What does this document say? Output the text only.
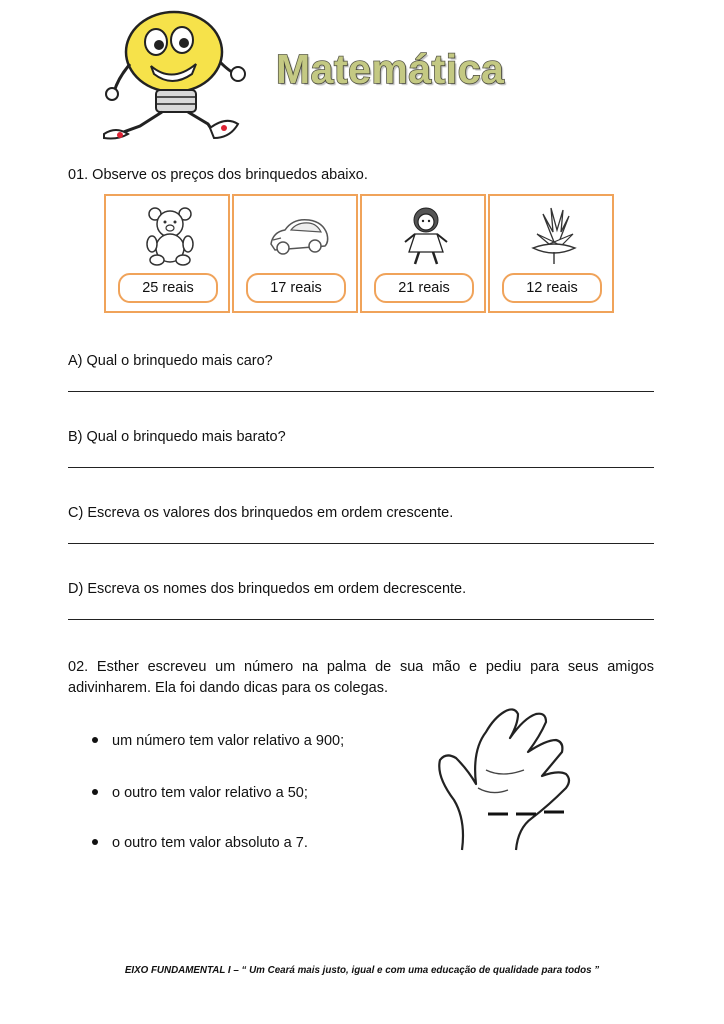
Matemática
01. Observe os preços dos brinquedos abaixo.
25 reais	17 reais	21 reais	12 reais
A) Qual o brinquedo mais caro?
B) Qual o brinquedo mais barato?
C) Escreva os valores dos brinquedos em ordem crescente.
D) Escreva os nomes dos brinquedos em ordem decrescente.
02. Esther escreveu um número na palma de sua mão e pediu para seus amigos
adivinharem. Ela foi dando dicas para os colegas.
um número tem valor relativo a 900;
o outro tem valor relativo a 50;
o outro tem valor absoluto a 7.
EIXO FUNDAMENTAL I – “ Um Ceará mais justo, igual e com uma educação de qualidade para todos ”
